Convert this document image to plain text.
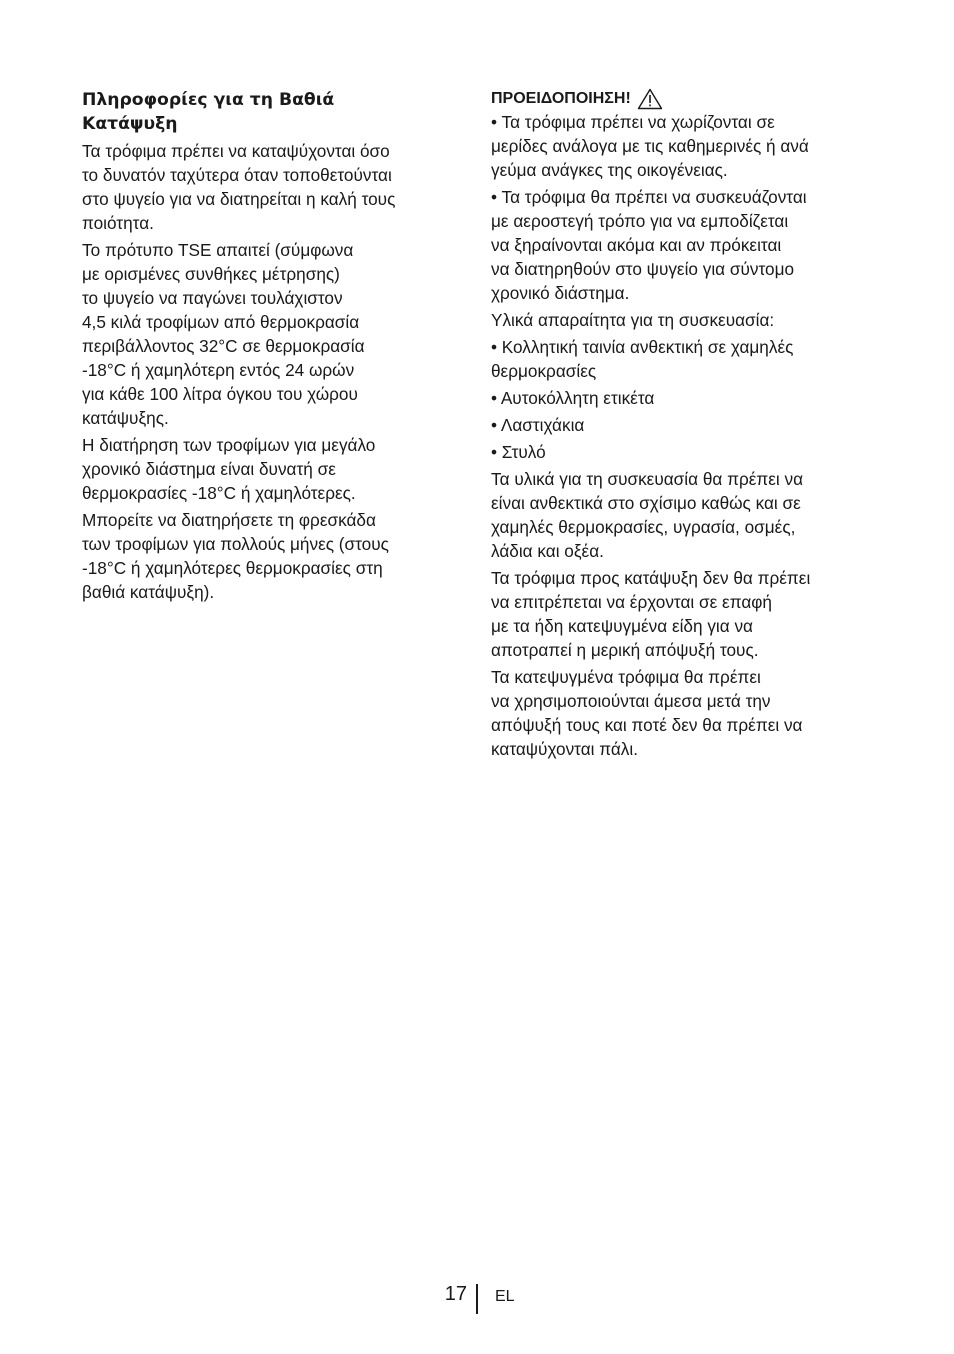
Πληροφορίες για τη Βαθιά
Κατάψυξη

Τα τρόφιμα πρέπει να καταψύχονται όσο
το δυνατόν ταχύτερα όταν τοποθετούνται
στο ψυγείο για να διατηρείται η καλή τους
ποιότητα.

Το πρότυπο TSE απαιτεί (σύμφωνα
με ορισμένες συνθήκες μέτρησης)
το ψυγείο να παγώνει τουλάχιστον
4,5 κιλά τροφίμων από θερμοκρασία
περιβάλλοντος 32°C σε θερμοκρασία
-18°C ή χαμηλότερη εντός 24 ωρών
για κάθε 100 λίτρα όγκου του χώρου
κατάψυξης.

Η διατήρηση των τροφίμων για μεγάλο
χρονικό διάστημα είναι δυνατή σε
θερμοκρασίες -18°C ή χαμηλότερες.

Μπορείτε να διατηρήσετε τη φρεσκάδα
των τροφίμων για πολλούς μήνες (στους
-18°C ή χαμηλότερες θερμοκρασίες στη
βαθιά κατάψυξη).

ΠΡΟΕΙΔΟΠΟΙΗΣΗ!

• Τα τρόφιμα πρέπει να χωρίζονται σε
μερίδες ανάλογα με τις καθημερινές ή ανά
γεύμα ανάγκες της οικογένειας.

• Τα τρόφιμα θα πρέπει να συσκευάζονται
με αεροστεγή τρόπο για να εμποδίζεται
να ξηραίνονται ακόμα και αν πρόκειται
να διατηρηθούν στο ψυγείο για σύντομο
χρονικό διάστημα.

Υλικά απαραίτητα για τη συσκευασία:

• Κολλητική ταινία ανθεκτική σε χαμηλές
θερμοκρασίες

• Αυτοκόλλητη ετικέτα

• Λαστιχάκια

• Στυλό

Τα υλικά για τη συσκευασία θα πρέπει να
είναι ανθεκτικά στο σχίσιμο καθώς και σε
χαμηλές θερμοκρασίες, υγρασία, οσμές,
λάδια και οξέα.

Τα τρόφιμα προς κατάψυξη δεν θα πρέπει
να επιτρέπεται να έρχονται σε επαφή
με τα ήδη κατεψυγμένα είδη για να
αποτραπεί η μερική απόψυξή τους.

Τα κατεψυγμένα τρόφιμα θα πρέπει
να χρησιμοποιούνται άμεσα μετά την
απόψυξή τους και ποτέ δεν θα πρέπει να
καταψύχονται πάλι.

17 EL
